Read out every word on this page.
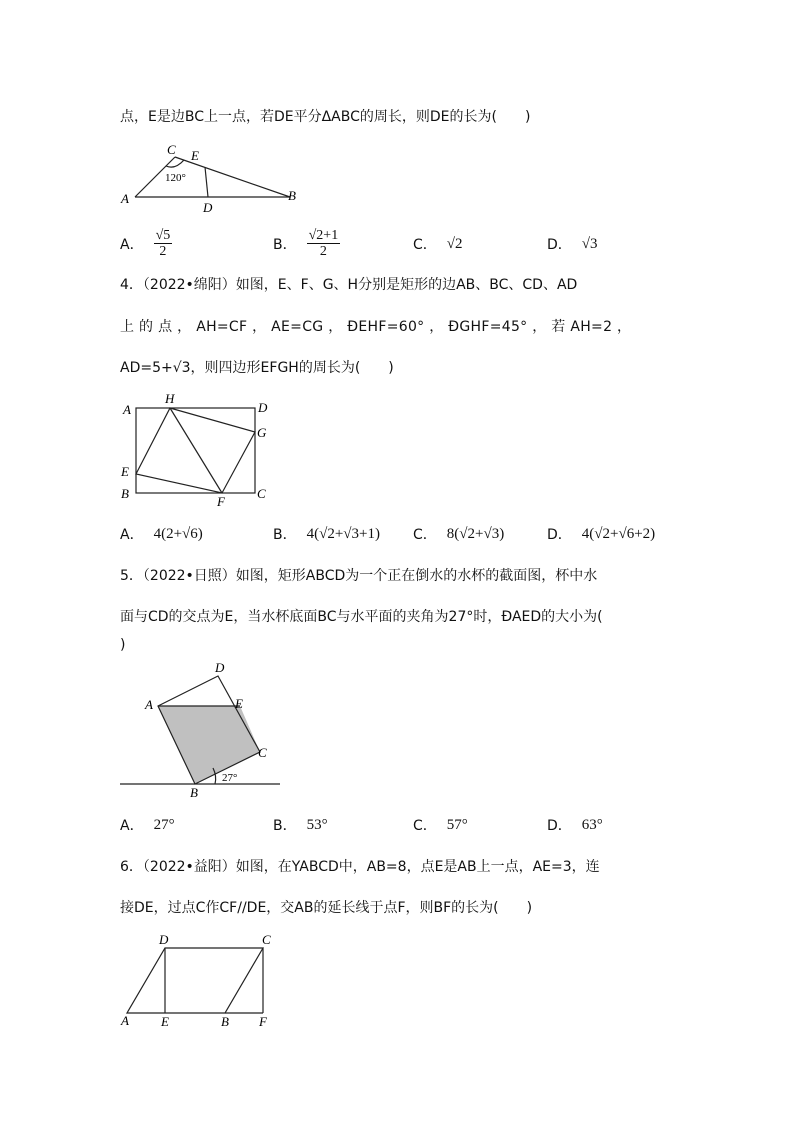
点，E是边BC上一点，若DE平分ΔABC的周长，则DE的长为(　　)
C E
A
D
B
120°
A． $\frac{√5}{2}$	B． $\frac{√2+1}{2}$	C． √2	D． √3
4．（2022•绵阳）如图，E、F、G、H分别是矩形的边AB、BC、CD、AD
上 的 点 ， AH=CF ， AE=CG ， ÐEHF=60° ， ÐGHF=45° ， 若 AH=2 ，
AD=5+√3，则四边形EFGH的周长为(　　)
A
H
D
G
E
B
F
C
A． 4(2+√6)	B． 4(√2+√3+1) C． 8(√2+√3)	D． 4(√2+√6+2)
5．（2022•日照）如图，矩形ABCD为一个正在倒水的水杯的截面图，杯中水
面与CD的交点为E，当水杯底面BC与水平面的夹角为27°时，ÐAED的大小为(
)
D
A	E
C
B
27°
A． 27°	B． 53°	C． 57°	D． 63°
6．（2022•益阳）如图，在YABCD中，AB=8，点E是AB上一点，AE=3，连
接DE，过点C作CF//DE，交AB的延长线于点F，则BF的长为(　　)
D	C
A E	B F
